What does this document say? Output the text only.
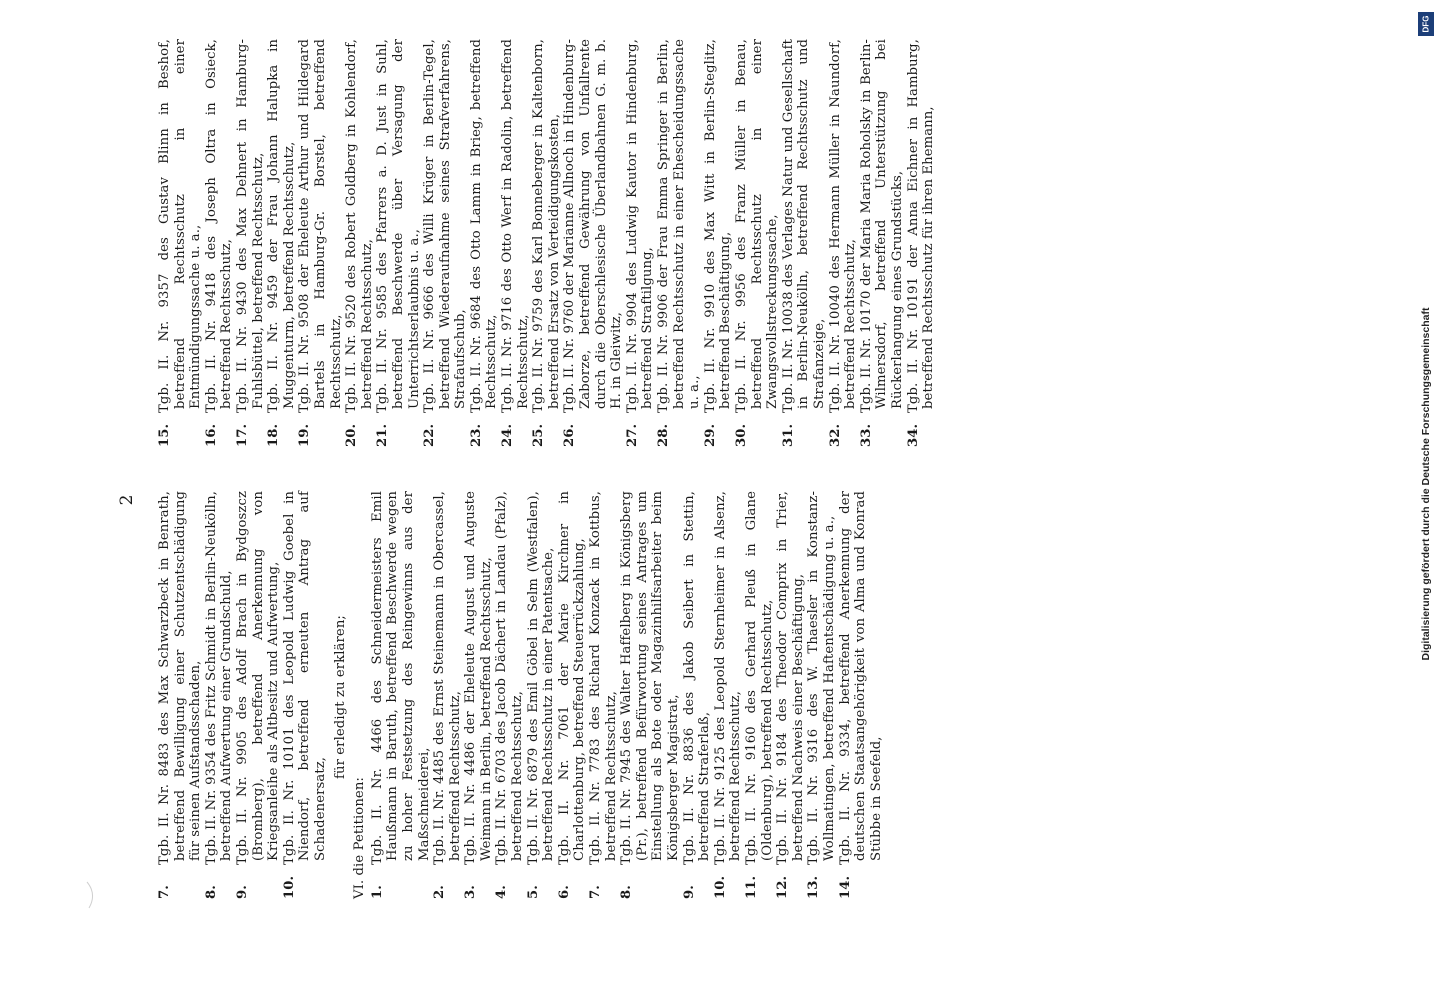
2
7.Tgb. II. Nr. 8483 des Max Schwarzbeck in Benrath, betreffend Bewilligung einer Schutzentschädigung für seinen Aufstandsschaden,
8.Tgb. II. Nr. 9354 des Fritz Schmidt in Berlin-Neukölln, betreffend Aufwertung einer Grundschuld,
9.Tgb. II. Nr. 9905 des Adolf Brach in Bydgoszcz (Bromberg), betreffend Anerkennung von Kriegsanleihe als Altbesitz und Aufwertung,
10.Tgb. II. Nr. 10101 des Leopold Ludwig Goebel in Niendorf, betreffend erneuten Antrag auf Schadenersatz,
für erledigt zu erklären;
VI. die Petitionen: 1.Tgb. II. Nr. 4466 des Schneidermeisters Emil Haußmann in Baruth, betreffend Beschwerde wegen zu hoher Festsetzung des Reingewinns aus der Maßschneiderei,
2.Tgb. II. Nr. 4485 des Ernst Steinemann in Obercassel, betreffend Rechtsschutz,
3.Tgb. II. Nr. 4486 der Eheleute August und Auguste Weimann in Berlin, betreffend Rechtsschutz,
4.Tgb. II. Nr. 6703 des Jacob Dächert in Landau (Pfalz), betreffend Rechtsschutz,
5.Tgb. II. Nr. 6879 des Emil Göbel in Selm (Westfalen), betreffend Rechtsschutz in einer Patentsache,
6.Tgb. II. Nr. 7061 der Marie Kirchner in Charlottenburg, betreffend Steuerrückzahlung,
7.Tgb. II. Nr. 7783 des Richard Konzack in Kottbus, betreffend Rechtsschutz,
8.Tgb. II. Nr. 7945 des Walter Haffelberg in Königsberg (Pr.), betreffend Befürwortung seines Antrages um Einstellung als Bote oder Magazinhilfsarbeiter beim Königsberger Magistrat,
9.Tgb. II. Nr. 8836 des Jakob Seibert in Stettin, betreffend Straferlaß,
10.Tgb. II. Nr. 9125 des Leopold Sternheimer in Alsenz, betreffend Rechtsschutz,
11.Tgb. II. Nr. 9160 des Gerhard Pleuß in Glane (Oldenburg), betreffend Rechtsschutz,
12.Tgb. II. Nr. 9184 des Theodor Comprix in Trier, betreffend Nachweis einer Beschäftigung,
13.Tgb. II. Nr. 9316 des W. Thaesler in Konstanz-Wollmatingen, betreffend Haftentschädigung u. a.,
14.Tgb. II. Nr. 9334, betreffend Anerkennung der deutschen Staatsangehörigkeit von Alma und Konrad Stübbe in Seefeld,
15.Tgb. II. Nr. 9357 des Gustav Blinn in Beshof, betreffend Rechtsschutz in einer Entmündigungssache u. a.,
16.Tgb. II. Nr. 9418 des Joseph Oltra in Osieck, betreffend Rechtsschutz,
17.Tgb. II. Nr. 9430 des Max Dehnert in Hamburg-Fuhlsbüttel, betreffend Rechtsschutz,
18.Tgb. II. Nr. 9459 der Frau Johann Halupka in Muggenturm, betreffend Rechtsschutz,
19.Tgb. II. Nr. 9508 der Eheleute Arthur und Hildegard Bartels in Hamburg-Gr. Borstel, betreffend Rechtsschutz,
20.Tgb. II. Nr. 9520 des Robert Goldberg in Kohlendorf, betreffend Rechtsschutz,
21.Tgb. II. Nr. 9585 des Pfarrers a. D. Just in Suhl, betreffend Beschwerde über Versagung der Unterrichtserlaubnis u. a.,
22.Tgb. II. Nr. 9666 des Willi Krüger in Berlin-Tegel, betreffend Wiederaufnahme seines Strafverfahrens, Strafaufschub,
23.Tgb. II. Nr. 9684 des Otto Lamm in Brieg, betreffend Rechtsschutz,
24.Tgb. II. Nr. 9716 des Otto Werf in Radolin, betreffend Rechtsschutz,
25.Tgb. II. Nr. 9759 des Karl Bonneberger in Kaltenborn, betreffend Ersatz von Verteidigungskosten,
26.Tgb. II. Nr. 9760 der Marianne Allnoch in Hindenburg-Zaborze, betreffend Gewährung von Unfallrente durch die Oberschlesische Überlandbahnen G. m. b. H. in Gleiwitz,
27.Tgb. II. Nr. 9904 des Ludwig Kautor in Hindenburg, betreffend Straftilgung,
28.Tgb. II. Nr. 9906 der Frau Emma Springer in Berlin, betreffend Rechtsschutz in einer Ehescheidungssache u. a.,
29.Tgb. II. Nr. 9910 des Max Witt in Berlin-Steglitz, betreffend Beschäftigung,
30.Tgb. II. Nr. 9956 des Franz Müller in Benau, betreffend Rechtsschutz in einer Zwangsvollstreckungssache,
31.Tgb. II. Nr. 10038 des Verlages Natur und Gesellschaft in Berlin-Neukölln, betreffend Rechtsschutz und Strafanzeige,
32.Tgb. II. Nr. 10040 des Hermann Müller in Naundorf, betreffend Rechtsschutz,
33.Tgb. II. Nr. 10170 der Maria Maria Roholsky in Berlin-Wilmersdorf, betreffend Unterstützung bei Rückerlangung eines Grundstücks,
34.Tgb. II. Nr. 10191 der Anna Eichner in Hamburg, betreffend Rechtsschutz für ihren Ehemann,
DFG
Digitalisierung gefördert durch die Deutsche Forschungsgemeinschaft
